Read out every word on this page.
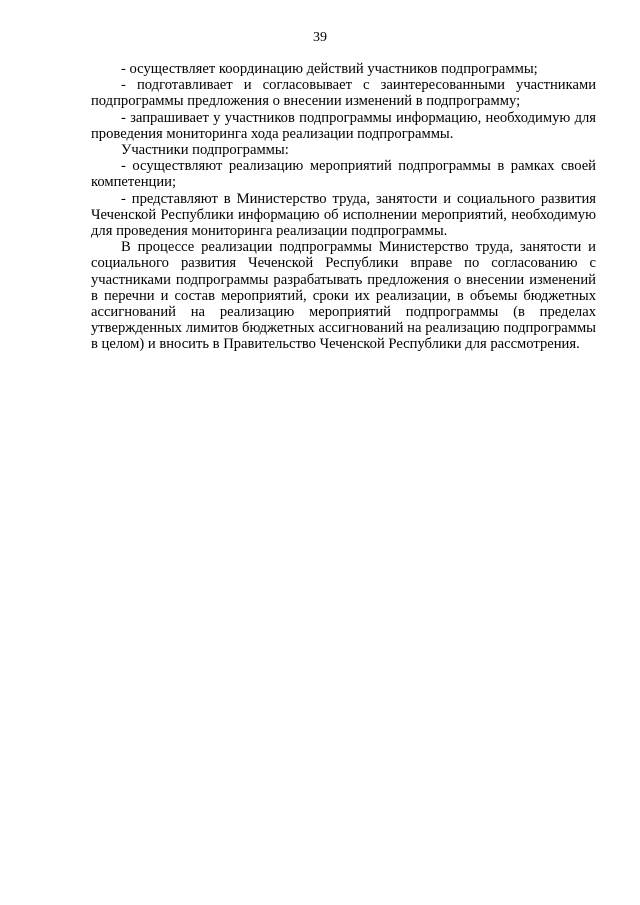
39

- осуществляет координацию действий участников подпрограммы;

- подготавливает и согласовывает с заинтересованными участниками подпрограммы предложения о внесении изменений в подпрограмму;

- запрашивает у участников подпрограммы информацию, необходимую для проведения мониторинга хода реализации подпрограммы.

Участники подпрограммы:

- осуществляют реализацию мероприятий подпрограммы в рамках своей компетенции;

- представляют в Министерство труда, занятости и социального развития Чеченской Республики информацию об исполнении мероприятий, необходимую для проведения мониторинга реализации подпрограммы.

В процессе реализации подпрограммы Министерство труда, занятости и социального развития Чеченской Республики вправе по согласованию с участниками подпрограммы разрабатывать предложения о внесении изменений в перечни и состав мероприятий, сроки их реализации, в объемы бюджетных ассигнований на реализацию мероприятий подпрограммы (в пределах утвержденных лимитов бюджетных ассигнований на реализацию подпрограммы в целом) и вносить в Правительство Чеченской Республики для рассмотрения.
